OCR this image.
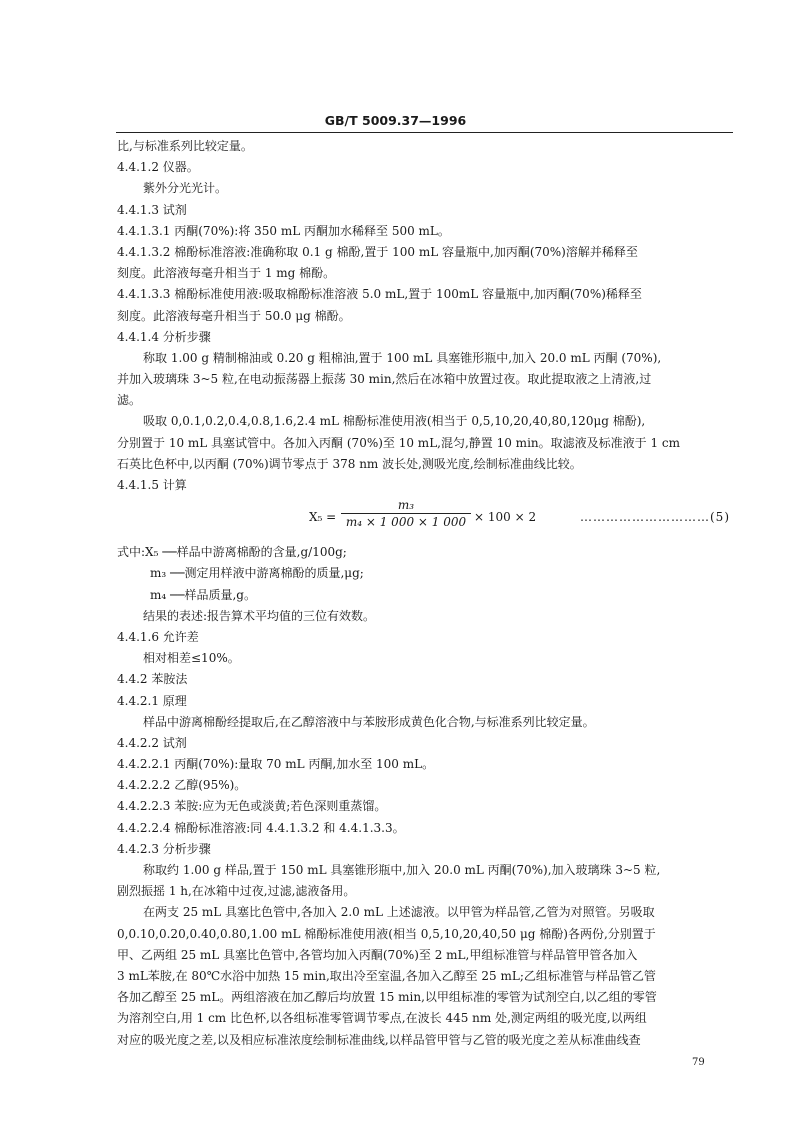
GB/T 5009.37—1996
比,与标准系列比较定量。
4.4.1.2 仪器。
紫外分光光计。
4.4.1.3 试剂
4.4.1.3.1 丙酮(70%):将 350 mL 丙酮加水稀释至 500 mL。
4.4.1.3.2 棉酚标准溶液:准确称取 0.1 g 棉酚,置于 100 mL 容量瓶中,加丙酮(70%)溶解并稀释至
刻度。此溶液每毫升相当于 1 mg 棉酚。
4.4.1.3.3 棉酚标准使用液:吸取棉酚标准溶液 5.0 mL,置于 100mL 容量瓶中,加丙酮(70%)稀释至
刻度。此溶液每毫升相当于 50.0 μg 棉酚。
4.4.1.4 分析步骤
称取 1.00 g 精制棉油或 0.20 g 粗棉油,置于 100 mL 具塞锥形瓶中,加入 20.0 mL 丙酮 (70%),
并加入玻璃珠 3~5 粒,在电动振荡器上振荡 30 min,然后在冰箱中放置过夜。取此提取液之上清液,过
滤。
吸取 0,0.1,0.2,0.4,0.8,1.6,2.4 mL 棉酚标准使用液(相当于 0,5,10,20,40,80,120μg 棉酚),
分别置于 10 mL 具塞试管中。各加入丙酮 (70%)至 10 mL,混匀,静置 10 min。取滤液及标准液于 1 cm
石英比色杯中,以丙酮 (70%)调节零点于 378 nm 波长处,测吸光度,绘制标准曲线比较。
4.4.1.5 计算
$X_5 = \frac{\text{m₃}}{\text{m₄ × 1 000 × 1 000}} \times 100 \times 2$	…………………………(5)
式中:X₅ ──样品中游离棉酚的含量,g/100g;
m₃ ──测定用样液中游离棉酚的质量,μg;
m₄ ──样品质量,g。
结果的表述:报告算术平均值的三位有效数。
4.4.1.6 允许差
相对相差≤10%。
4.4.2 苯胺法
4.4.2.1 原理
样品中游离棉酚经提取后,在乙醇溶液中与苯胺形成黄色化合物,与标准系列比较定量。
4.4.2.2 试剂
4.4.2.2.1 丙酮(70%):量取 70 mL 丙酮,加水至 100 mL。
4.4.2.2.2 乙醇(95%)。
4.4.2.2.3 苯胺:应为无色或淡黄;若色深则重蒸馏。
4.4.2.2.4 棉酚标准溶液:同 4.4.1.3.2 和 4.4.1.3.3。
4.4.2.3 分析步骤
称取约 1.00 g 样品,置于 150 mL 具塞锥形瓶中,加入 20.0 mL 丙酮(70%),加入玻璃珠 3~5 粒,
剧烈振摇 1 h,在冰箱中过夜,过滤,滤液备用。
在两支 25 mL 具塞比色管中,各加入 2.0 mL 上述滤液。以甲管为样品管,乙管为对照管。另吸取
0,0.10,0.20,0.40,0.80,1.00 mL 棉酚标准使用液(相当 0,5,10,20,40,50 μg 棉酚)各两份,分别置于
甲、乙两组 25 mL 具塞比色管中,各管均加入丙酮(70%)至 2 mL,甲组标准管与样品管甲管各加入
3 mL苯胺,在 80℃水浴中加热 15 min,取出冷至室温,各加入乙醇至 25 mL;乙组标准管与样品管乙管
各加乙醇至 25 mL。两组溶液在加乙醇后均放置 15 min,以甲组标准的零管为试剂空白,以乙组的零管
为溶剂空白,用 1 cm 比色杯,以各组标准零管调节零点,在波长 445 nm 处,测定两组的吸光度,以两组
对应的吸光度之差,以及相应标准浓度绘制标准曲线,以样品管甲管与乙管的吸光度之差从标准曲线查
79
